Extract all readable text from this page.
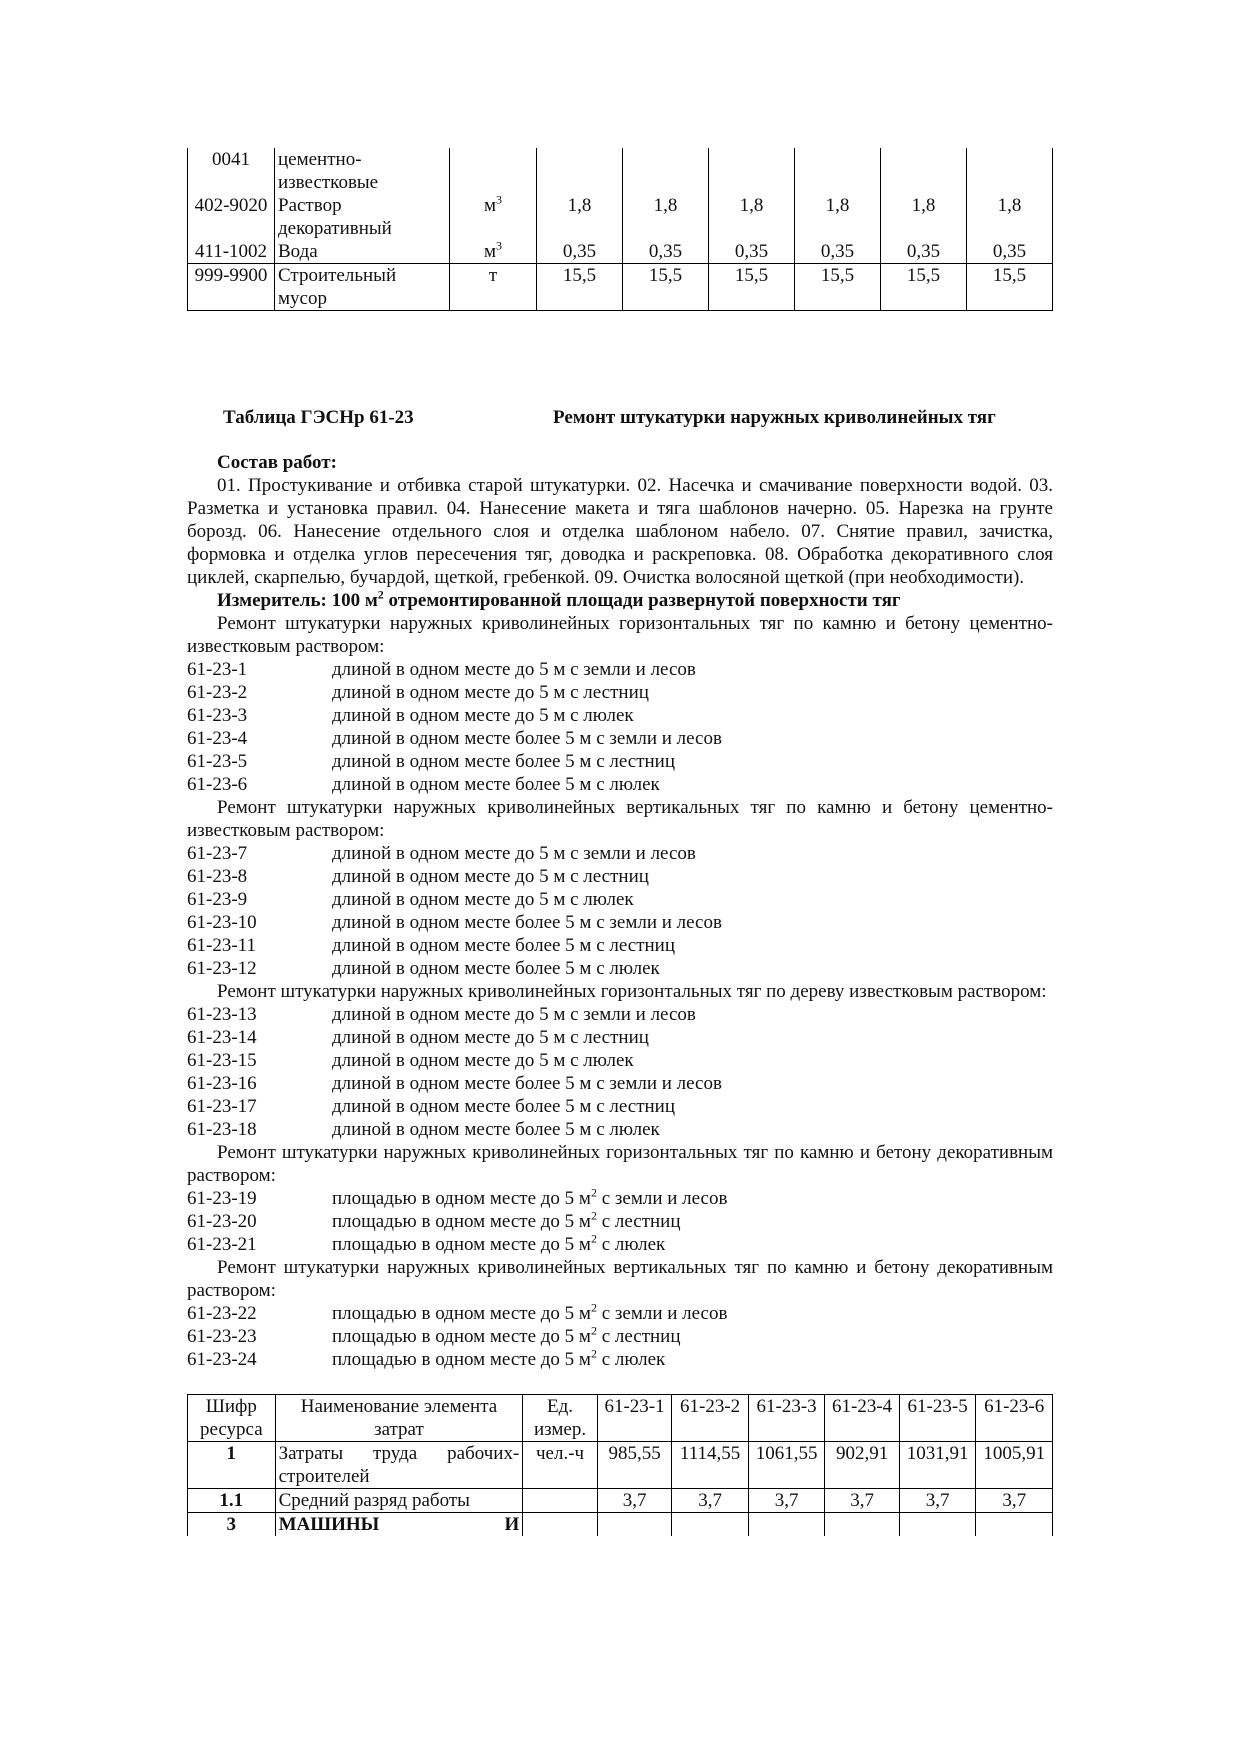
0041	цементно-известковые							
402-9020	Раствор декоративный	$м^3$	1,8	1,8	1,8	1,8	1,8	1,8
411-1002	Вода	$м^3$	0,35	0,35	0,35	0,35	0,35	0,35
999-9900	Строительный мусор	т	15,5	15,5	15,5	15,5	15,5	15,5
Таблица ГЭСНр 61-23	Ремонт штукатурки наружных криволинейных тяг
Состав работ:
01. Простукивание и отбивка старой штукатурки. 02. Насечка и смачивание поверхности водой. 03. Разметка и установка правил. 04. Нанесение макета и тяга шаблонов начерно. 05. Нарезка на грунте борозд. 06. Нанесение отдельного слоя и отделка шаблоном набело. 07. Снятие правил, зачистка, формовка и отделка углов пересечения тяг, доводка и раскреповка. 08. Обработка декоративного слоя циклей, скарпелью, бучардой, щеткой, гребенкой. 09. Очистка волосяной щеткой (при необходимости).
Измеритель: 100 $м^2$ отремонтированной площади развернутой поверхности тяг
Ремонт штукатурки наружных криволинейных горизонтальных тяг по камню и бетону цементно-известковым раствором:
61-23-1	длиной в одном месте до 5 м с земли и лесов
61-23-2	длиной в одном месте до 5 м с лестниц
61-23-3	длиной в одном месте до 5 м с люлек
61-23-4	длиной в одном месте более 5 м с земли и лесов
61-23-5	длиной в одном месте более 5 м с лестниц
61-23-6	длиной в одном месте более 5 м с люлек
Ремонт штукатурки наружных криволинейных вертикальных тяг по камню и бетону цементно-известковым раствором:
61-23-7	длиной в одном месте до 5 м с земли и лесов
61-23-8	длиной в одном месте до 5 м с лестниц
61-23-9	длиной в одном месте до 5 м с люлек
61-23-10	длиной в одном месте более 5 м с земли и лесов
61-23-11	длиной в одном месте более 5 м с лестниц
61-23-12	длиной в одном месте более 5 м с люлек
Ремонт штукатурки наружных криволинейных горизонтальных тяг по дереву известковым раствором:
61-23-13	длиной в одном месте до 5 м с земли и лесов
61-23-14	длиной в одном месте до 5 м с лестниц
61-23-15	длиной в одном месте до 5 м с люлек
61-23-16	длиной в одном месте более 5 м с земли и лесов
61-23-17	длиной в одном месте более 5 м с лестниц
61-23-18	длиной в одном месте более 5 м с люлек
Ремонт штукатурки наружных криволинейных горизонтальных тяг по камню и бетону декоративным раствором:
61-23-19	площадью в одном месте до 5 $м^2$ с земли и лесов
61-23-20	площадью в одном месте до 5 $м^2$ с лестниц
61-23-21	площадью в одном месте до 5 $м^2$ с люлек
Ремонт штукатурки наружных криволинейных вертикальных тяг по камню и бетону декоративным раствором:
61-23-22	площадью в одном месте до 5 $м^2$ с земли и лесов
61-23-23	площадью в одном месте до 5 $м^2$ с лестниц
61-23-24	площадью в одном месте до 5 $м^2$ с люлек
Шифр ресурса	Наименование элемента затрат	Ед. измер.	61-23-1	61-23-2	61-23-3	61-23-4	61-23-5	61-23-6
1	Затраты труда рабочих-строителей	чел.-ч	985,55	1114,55	1061,55	902,91	1031,91	1005,91
1.1	Средний разряд работы		3,7	3,7	3,7	3,7	3,7	3,7
3	МАШИНЫ И							
